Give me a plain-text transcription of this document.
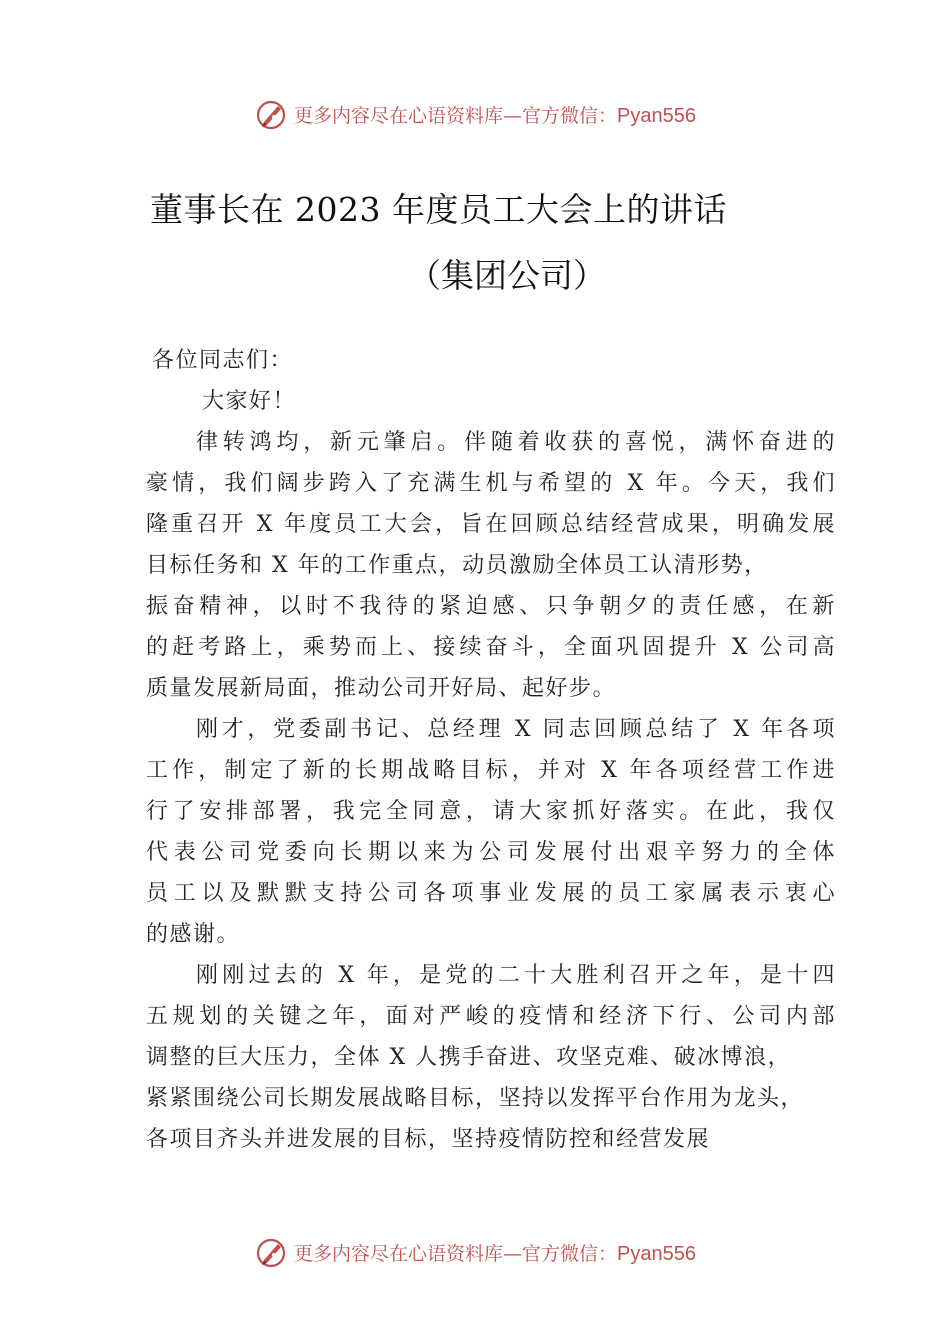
更多内容尽在心语资料库—官方微信：Pyan556
董事长在 2023 年度员工大会上的讲话
（集团公司）
各位同志们：
大家好！
律转鸿均，新元肇启。伴随着收获的喜悦，满怀奋进的
豪情，我们阔步跨入了充满生机与希望的 X 年。今天，我们
隆重召开 X 年度员工大会，旨在回顾总结经营成果，明确发展
目标任务和 X 年的工作重点，动员激励全体员工认清形势，
振奋精神，以时不我待的紧迫感、只争朝夕的责任感，在新
的赶考路上，乘势而上、接续奋斗，全面巩固提升 X 公司高
质量发展新局面，推动公司开好局、起好步。
刚才，党委副书记、总经理 X 同志回顾总结了 X 年各项
工作，制定了新的长期战略目标，并对 X 年各项经营工作进
行了安排部署，我完全同意，请大家抓好落实。在此，我仅
代表公司党委向长期以来为公司发展付出艰辛努力的全体
员工以及默默支持公司各项事业发展的员工家属表示衷心
的感谢。
刚刚过去的 X 年，是党的二十大胜利召开之年，是十四
五规划的关键之年，面对严峻的疫情和经济下行、公司内部
调整的巨大压力，全体 X 人携手奋进、攻坚克难、破冰博浪，
紧紧围绕公司长期发展战略目标，坚持以发挥平台作用为龙头，
各项目齐头并进发展的目标，坚持疫情防控和经营发展
更多内容尽在心语资料库—官方微信：Pyan556
